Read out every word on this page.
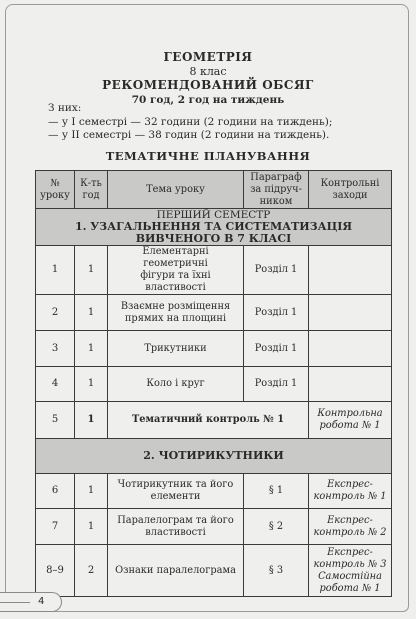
ГЕОМЕТРІЯ
8 клас
РЕКОМЕНДОВАНИЙ ОБСЯГ
70 год, 2 год на тиждень
З них:
— у І семестрі — 32 години (2 години на тиждень);
— у ІІ семестрі — 38 годин (2 години на тиждень).
ТЕМАТИЧНЕ ПЛАНУВАННЯ
№
уроку	К-ть
год	Тема уроку	Параграф
за підруч-
ником	Контрольні
заходи
ПЕРШИЙ СЕМЕСТР
1. УЗАГАЛЬНЕННЯ ТА СИСТЕМАТИЗАЦІЯ
ВИВЧЕНОГО В 7 КЛАСІ				
1	1	Елементарні геометричні
фігури та їхні властивості	Розділ 1	

2	1	Взаємне розміщення
прямих на площині	Розділ 1	

3	1	Трикутники	Розділ 1	
4	1	Коло і круг	Розділ 1	
5	1	Тематичний контроль № 1		Контрольна
робота № 1
2. ЧОТИРИКУТНИКИ				
6	1	Чотирикутник та його
елементи	§ 1	Експрес-
контроль № 1
7	1	Паралелограм та його
властивості	§ 2	Експрес-
контроль № 2
8–9	2	Ознаки паралелограма	§ 3	Експрес-
контроль № 3
Самостійна
робота № 1
4
